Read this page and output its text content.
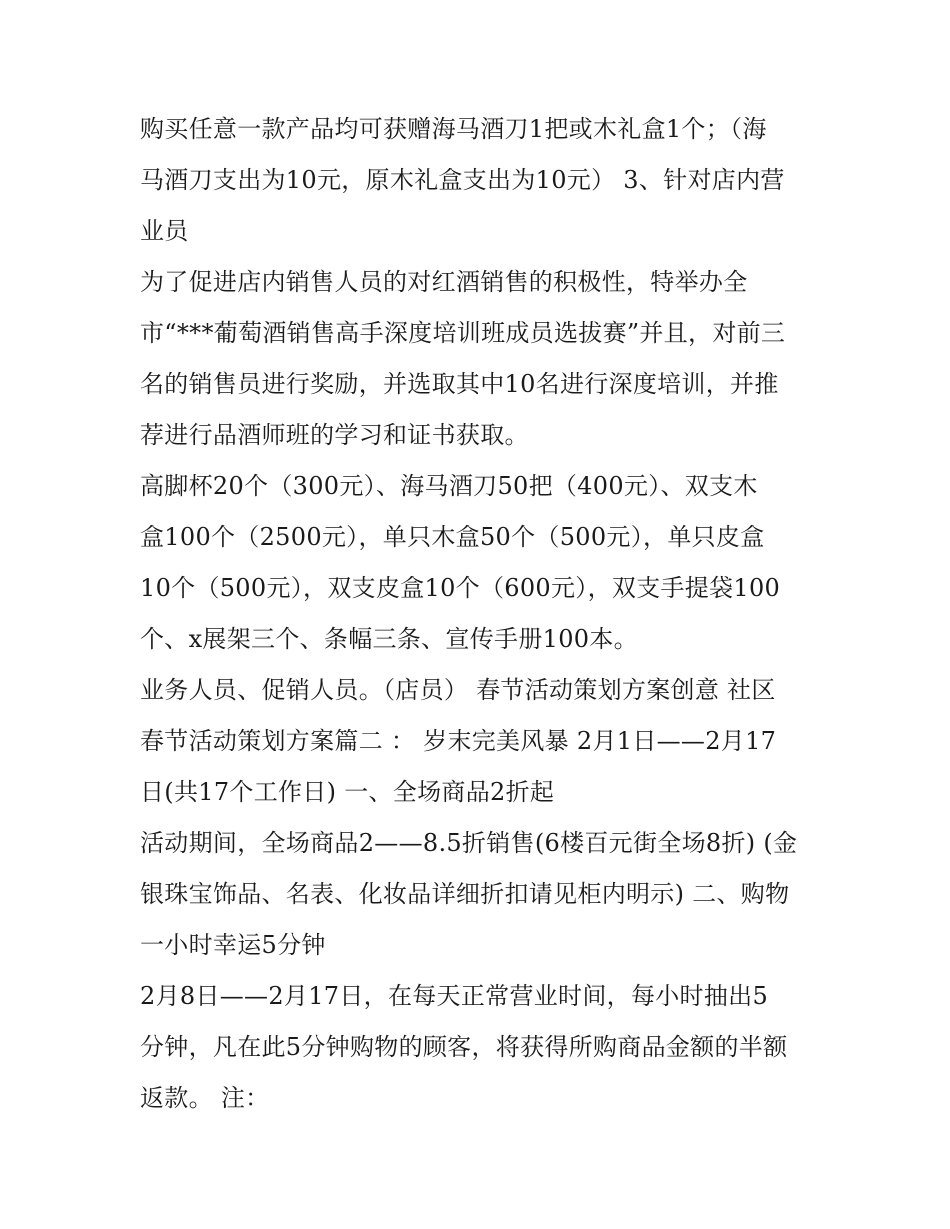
购买任意一款产品均可获赠海马酒刀1把或木礼盒1个；（海
马酒刀支出为10元，原木礼盒支出为10元） 3、针对店内营
业员
为了促进店内销售人员的对红酒销售的积极性，特举办全
市“***葡萄酒销售高手深度培训班成员选拔赛”并且，对前三
名的销售员进行奖励，并选取其中10名进行深度培训，并推
荐进行品酒师班的学习和证书获取。
高脚杯20个（300元）、海马酒刀50把（400元）、双支木
盒100个（2500元），单只木盒50个（500元），单只皮盒
10个（500元），双支皮盒10个（600元），双支手提袋100
个、x展架三个、条幅三条、宣传手册100本。
业务人员、促销人员。（店员） 春节活动策划方案创意 社区
春节活动策划方案篇二 ： 岁末完美风暴 2月1日——2月17
日(共17个工作日) 一、全场商品2折起
活动期间，全场商品2——8.5折销售(6楼百元街全场8折) (金
银珠宝饰品、名表、化妆品详细折扣请见柜内明示) 二、购物
一小时幸运5分钟
2月8日——2月17日，在每天正常营业时间，每小时抽出5
分钟，凡在此5分钟购物的顾客，将获得所购商品金额的半额
返款。 注：
